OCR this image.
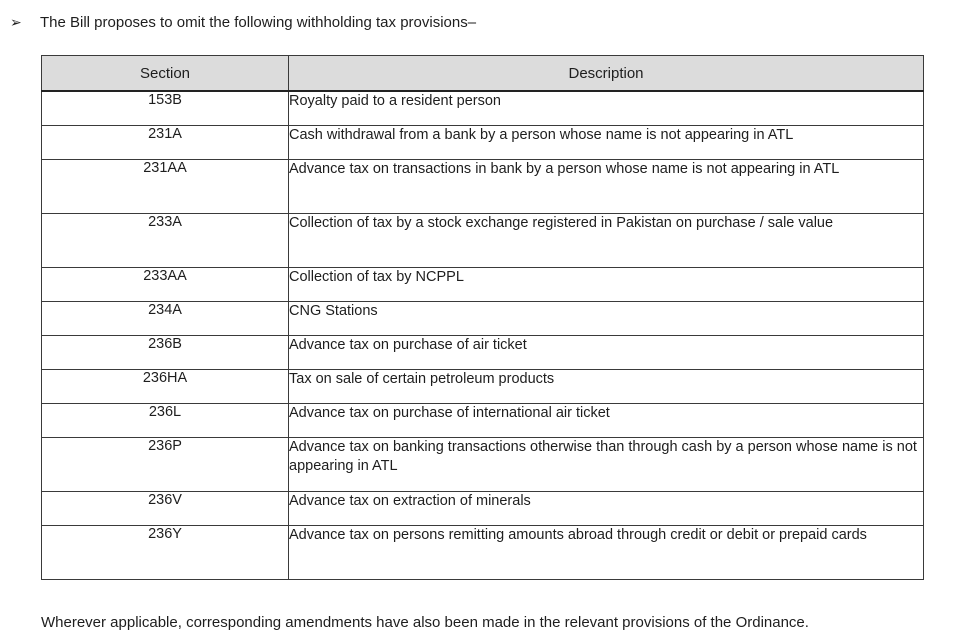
➢	The Bill proposes to omit the following withholding tax provisions–
Section	Description
153B	Royalty paid to a resident person
231A	Cash withdrawal from a bank by a person whose name is not appearing in ATL
231AA	Advance tax on transactions in bank by a person whose name is not appearing in ATL
233A	Collection of tax by a stock exchange registered in Pakistan on purchase / sale value
233AA	Collection of tax by NCPPL
234A	CNG Stations
236B	Advance tax on purchase of air ticket
236HA	Tax on sale of certain petroleum products
236L	Advance tax on purchase of international air ticket
236P	Advance tax on banking transactions otherwise than through cash by a person whose name is not appearing in ATL
236V	Advance tax on extraction of minerals
236Y	Advance tax on persons remitting amounts abroad through credit or debit or prepaid cards
Wherever applicable, corresponding amendments have also been made in the relevant provisions of the Ordinance.
